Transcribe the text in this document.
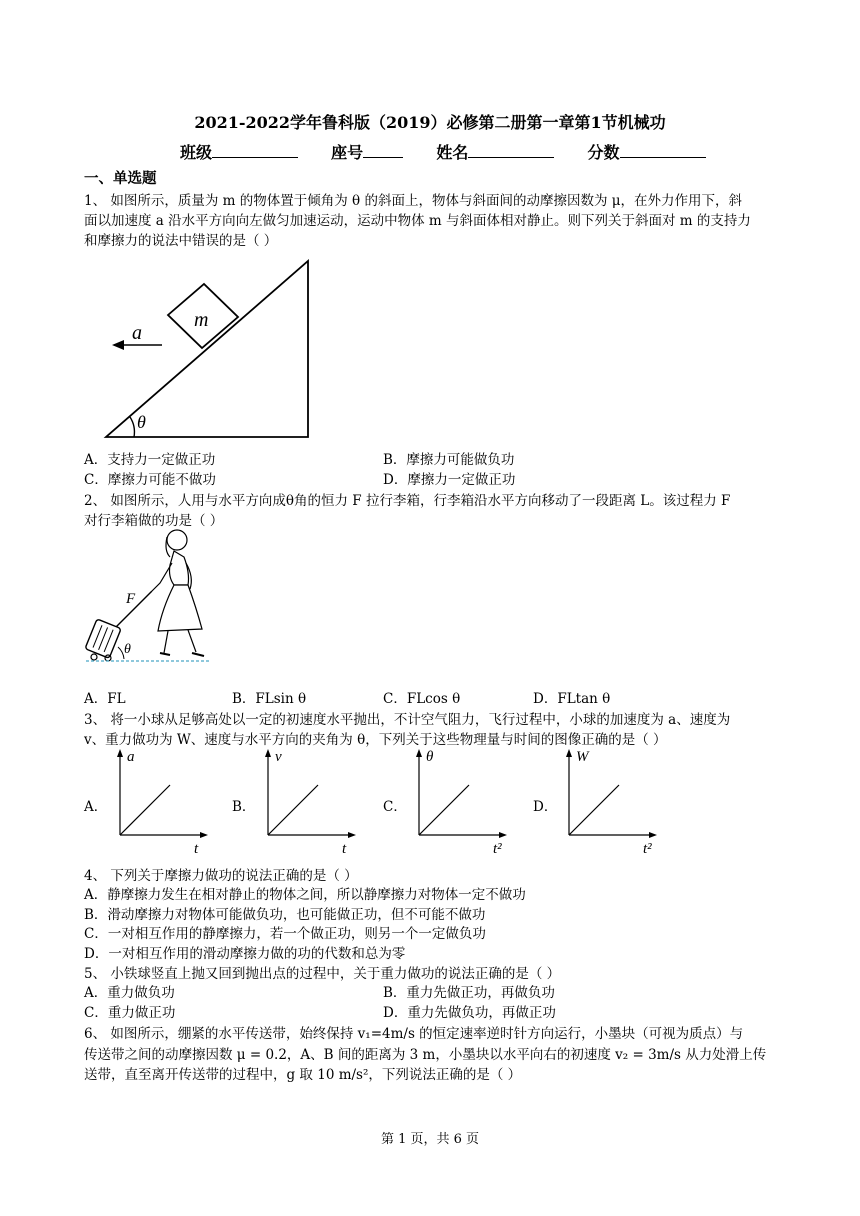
2021-2022学年鲁科版（2019）必修第二册第一章第1节机械功
班级	座号	姓名	分数
一、单选题
1、 如图所示，质量为 m 的物体置于倾角为 θ 的斜面上，物体与斜面间的动摩擦因数为 μ，在外力作用下，斜
面以加速度 a 沿水平方向向左做匀加速运动，运动中物体 m 与斜面体相对静止。则下列关于斜面对 m 的支持力
和摩擦力的说法中错误的是（ ）
m
a
θ
A．支持力一定做正功	B．摩擦力可能做负功
C．摩擦力可能不做功	D．摩擦力一定做正功
2、 如图所示，人用与水平方向成θ角的恒力 F 拉行李箱，行李箱沿水平方向移动了一段距离 L。该过程力 F
对行李箱做的功是（ ）
F
θ
A．FL	B．FLsin θ	C．FLcos θ	D．FLtan θ
3、 将一小球从足够高处以一定的初速度水平抛出，不计空气阻力，飞行过程中，小球的加速度为 a、速度为
v、重力做功为 W、速度与水平方向的夹角为 θ，下列关于这些物理量与时间的图像正确的是（ ）
A．
a
t
B．
v
t
C．
θ
t²
D．
W
t²
4、 下列关于摩擦力做功的说法正确的是（ ）
A．静摩擦力发生在相对静止的物体之间，所以静摩擦力对物体一定不做功
B．滑动摩擦力对物体可能做负功，也可能做正功，但不可能不做功
C．一对相互作用的静摩擦力，若一个做正功，则另一个一定做负功
D．一对相互作用的滑动摩擦力做的功的代数和总为零
5、 小铁球竖直上抛又回到抛出点的过程中，关于重力做功的说法正确的是（ ）
A．重力做负功	B．重力先做正功，再做负功
C．重力做正功	D．重力先做负功，再做正功
6、 如图所示，绷紧的水平传送带，始终保持 v₁=4m/s 的恒定速率逆时针方向运行，小墨块（可视为质点）与
传送带之间的动摩擦因数 μ = 0.2，A、B 间的距离为 3 m，小墨块以水平向右的初速度 v₂ = 3m/s 从力处滑上传
送带，直至离开传送带的过程中，g 取 10 m/s²，下列说法正确的是（ ）
第 1 页，共 6 页
